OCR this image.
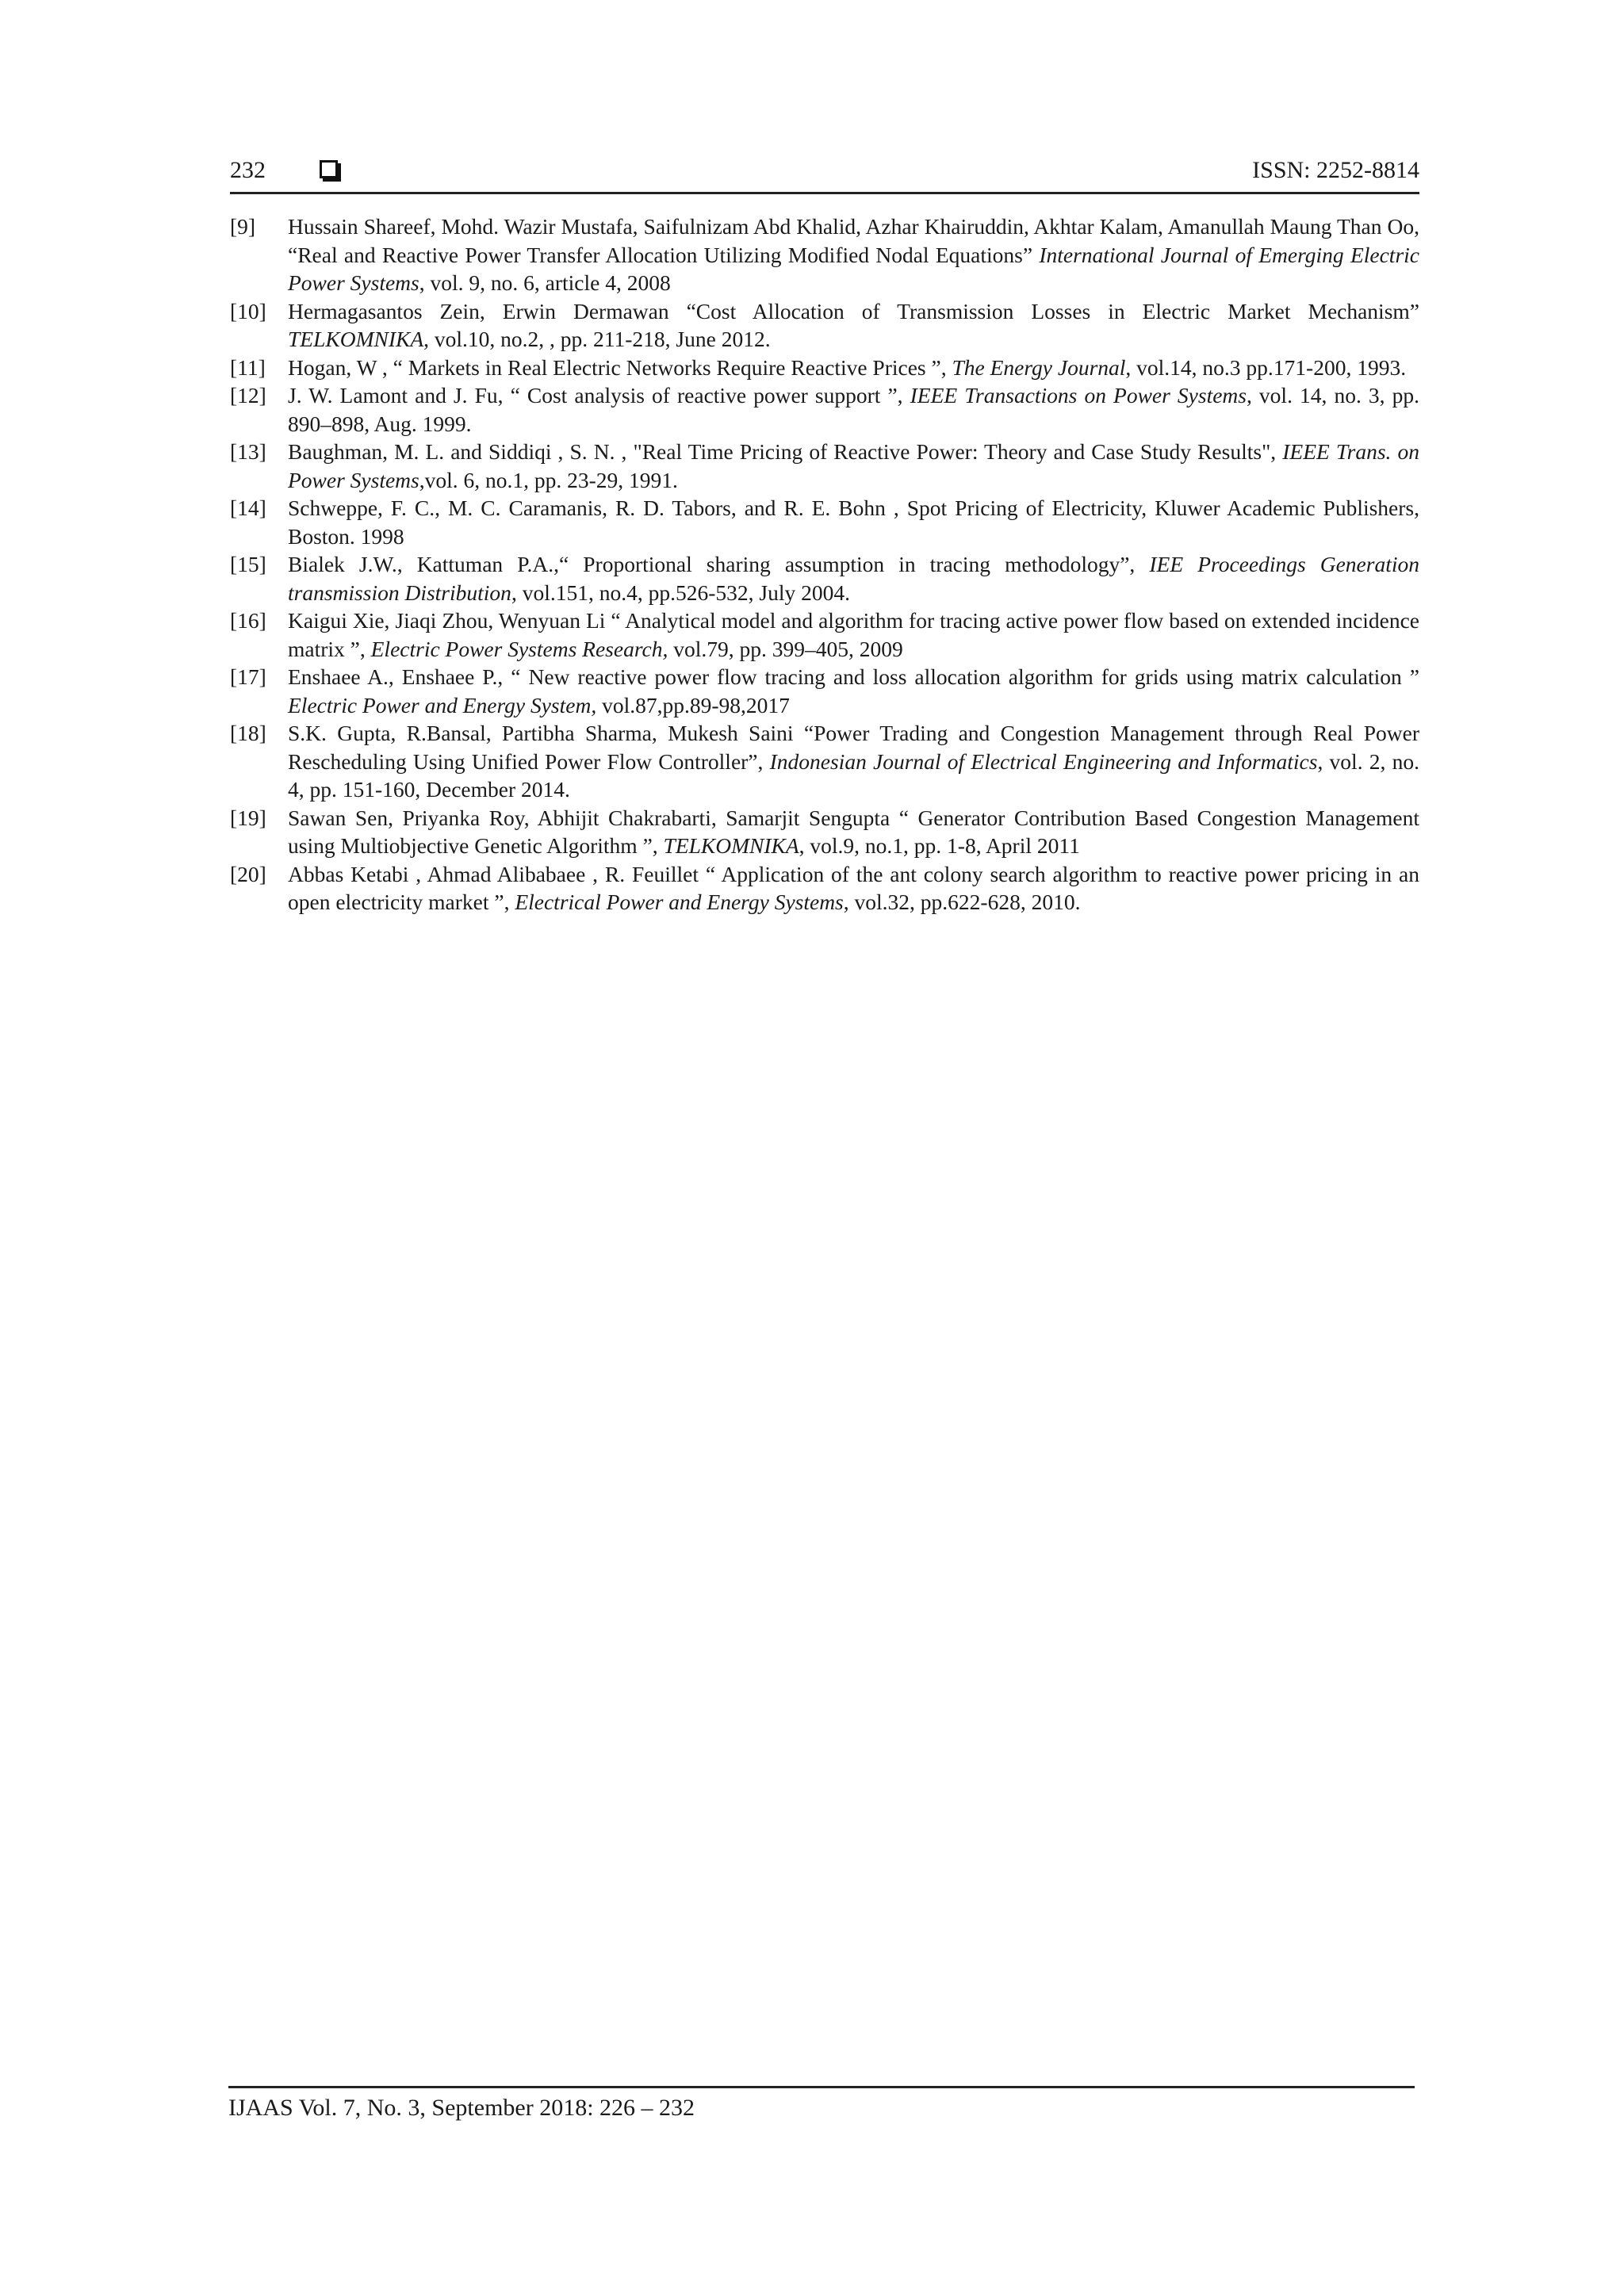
232	ISSN: 2252-8814
[9] Hussain Shareef, Mohd. Wazir Mustafa, Saifulnizam Abd Khalid, Azhar Khairuddin, Akhtar Kalam, Amanullah Maung Than Oo, “Real and Reactive Power Transfer Allocation Utilizing Modified Nodal Equations” International Journal of Emerging Electric Power Systems, vol. 9, no. 6, article 4, 2008
[10] Hermagasantos Zein, Erwin Dermawan “Cost Allocation of Transmission Losses in Electric Market Mechanism” TELKOMNIKA, vol.10, no.2, , pp. 211-218, June 2012.
[11] Hogan, W , “ Markets in Real Electric Networks Require Reactive Prices ”, The Energy Journal, vol.14, no.3 pp.171-200, 1993.
[12] J. W. Lamont and J. Fu, “ Cost analysis of reactive power support ”, IEEE Transactions on Power Systems, vol. 14, no. 3, pp. 890–898, Aug. 1999.
[13] Baughman, M. L. and Siddiqi , S. N. , "Real Time Pricing of Reactive Power: Theory and Case Study Results", IEEE Trans. on Power Systems,vol. 6, no.1, pp. 23-29, 1991.
[14] Schweppe, F. C., M. C. Caramanis, R. D. Tabors, and R. E. Bohn , Spot Pricing of Electricity, Kluwer Academic Publishers, Boston. 1998
[15] Bialek J.W., Kattuman P.A.,“ Proportional sharing assumption in tracing methodology”, IEE Proceedings Generation transmission Distribution, vol.151, no.4, pp.526-532, July 2004.
[16] Kaigui Xie, Jiaqi Zhou, Wenyuan Li “ Analytical model and algorithm for tracing active power flow based on extended incidence matrix ”, Electric Power Systems Research, vol.79, pp. 399–405, 2009
[17] Enshaee A., Enshaee P., “ New reactive power flow tracing and loss allocation algorithm for grids using matrix calculation ” Electric Power and Energy System, vol.87,pp.89-98,2017
[18] S.K. Gupta, R.Bansal, Partibha Sharma, Mukesh Saini “Power Trading and Congestion Management through Real Power Rescheduling Using Unified Power Flow Controller”, Indonesian Journal of Electrical Engineering and Informatics, vol. 2, no. 4, pp. 151-160, December 2014.
[19] Sawan Sen, Priyanka Roy, Abhijit Chakrabarti, Samarjit Sengupta “ Generator Contribution Based Congestion Management using Multiobjective Genetic Algorithm ”, TELKOMNIKA, vol.9, no.1, pp. 1-8, April 2011
[20] Abbas Ketabi , Ahmad Alibabaee , R. Feuillet “ Application of the ant colony search algorithm to reactive power pricing in an open electricity market ”, Electrical Power and Energy Systems, vol.32, pp.622-628, 2010.
IJAAS Vol. 7, No. 3, September 2018: 226 – 232
